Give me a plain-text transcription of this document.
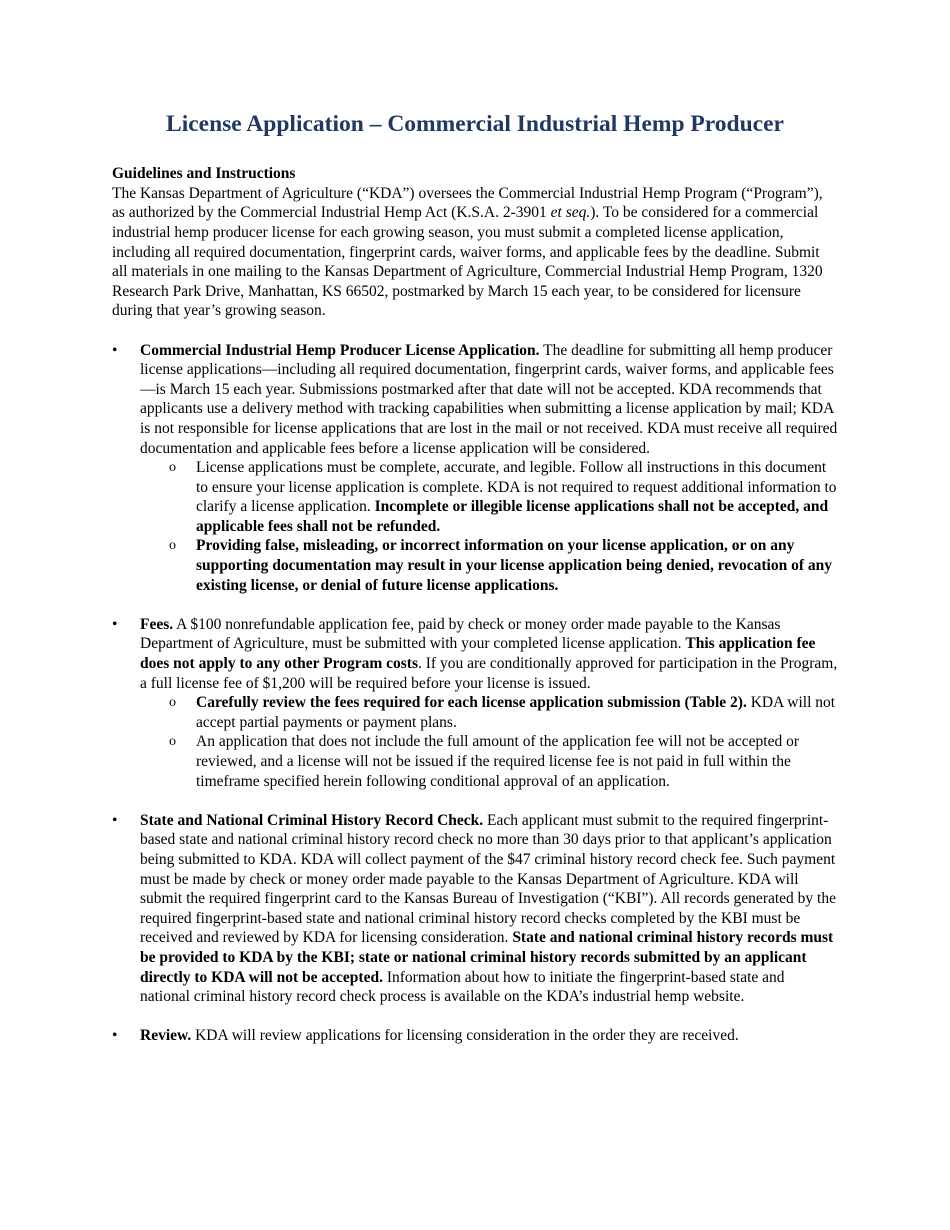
License Application – Commercial Industrial Hemp Producer
Guidelines and Instructions

The Kansas Department of Agriculture (“KDA”) oversees the Commercial Industrial Hemp Program (“Program”), as authorized by the Commercial Industrial Hemp Act (K.S.A. 2-3901 et seq.). To be considered for a commercial industrial hemp producer license for each growing season, you must submit a completed license application, including all required documentation, fingerprint cards, waiver forms, and applicable fees by the deadline. Submit all materials in one mailing to the Kansas Department of Agriculture, Commercial Industrial Hemp Program, 1320 Research Park Drive, Manhattan, KS 66502, postmarked by March 15 each year, to be considered for licensure during that year’s growing season.

• Commercial Industrial Hemp Producer License Application. The deadline for submitting all hemp producer license applications—including all required documentation, fingerprint cards, waiver forms, and applicable fees—is March 15 each year. Submissions postmarked after that date will not be accepted. KDA recommends that applicants use a delivery method with tracking capabilities when submitting a license application by mail; KDA is not responsible for license applications that are lost in the mail or not received. KDA must receive all required documentation and applicable fees before a license application will be considered.

o License applications must be complete, accurate, and legible. Follow all instructions in this document to ensure your license application is complete. KDA is not required to request additional information to clarify a license application. Incomplete or illegible license applications shall not be accepted, and applicable fees shall not be refunded.
o Providing false, misleading, or incorrect information on your license application, or on any supporting documentation may result in your license application being denied, revocation of any existing license, or denial of future license applications.

• Fees. A $100 nonrefundable application fee, paid by check or money order made payable to the Kansas Department of Agriculture, must be submitted with your completed license application. This application fee does not apply to any other Program costs. If you are conditionally approved for participation in the Program, a full license fee of $1,200 will be required before your license is issued.

o Carefully review the fees required for each license application submission (Table 2). KDA will not accept partial payments or payment plans.
o An application that does not include the full amount of the application fee will not be accepted or reviewed, and a license will not be issued if the required license fee is not paid in full within the timeframe specified herein following conditional approval of an application.

• State and National Criminal History Record Check. Each applicant must submit to the required fingerprint-based state and national criminal history record check no more than 30 days prior to that applicant’s application being submitted to KDA. KDA will collect payment of the $47 criminal history record check fee. Such payment must be made by check or money order made payable to the Kansas Department of Agriculture. KDA will submit the required fingerprint card to the Kansas Bureau of Investigation (“KBI”). All records generated by the required fingerprint-based state and national criminal history record checks completed by the KBI must be received and reviewed by KDA for licensing consideration. State and national criminal history records must be provided to KDA by the KBI; state or national criminal history records submitted by an applicant directly to KDA will not be accepted. Information about how to initiate the fingerprint-based state and national criminal history record check process is available on the KDA’s industrial hemp website.

• Review. KDA will review applications for licensing consideration in the order they are received.
